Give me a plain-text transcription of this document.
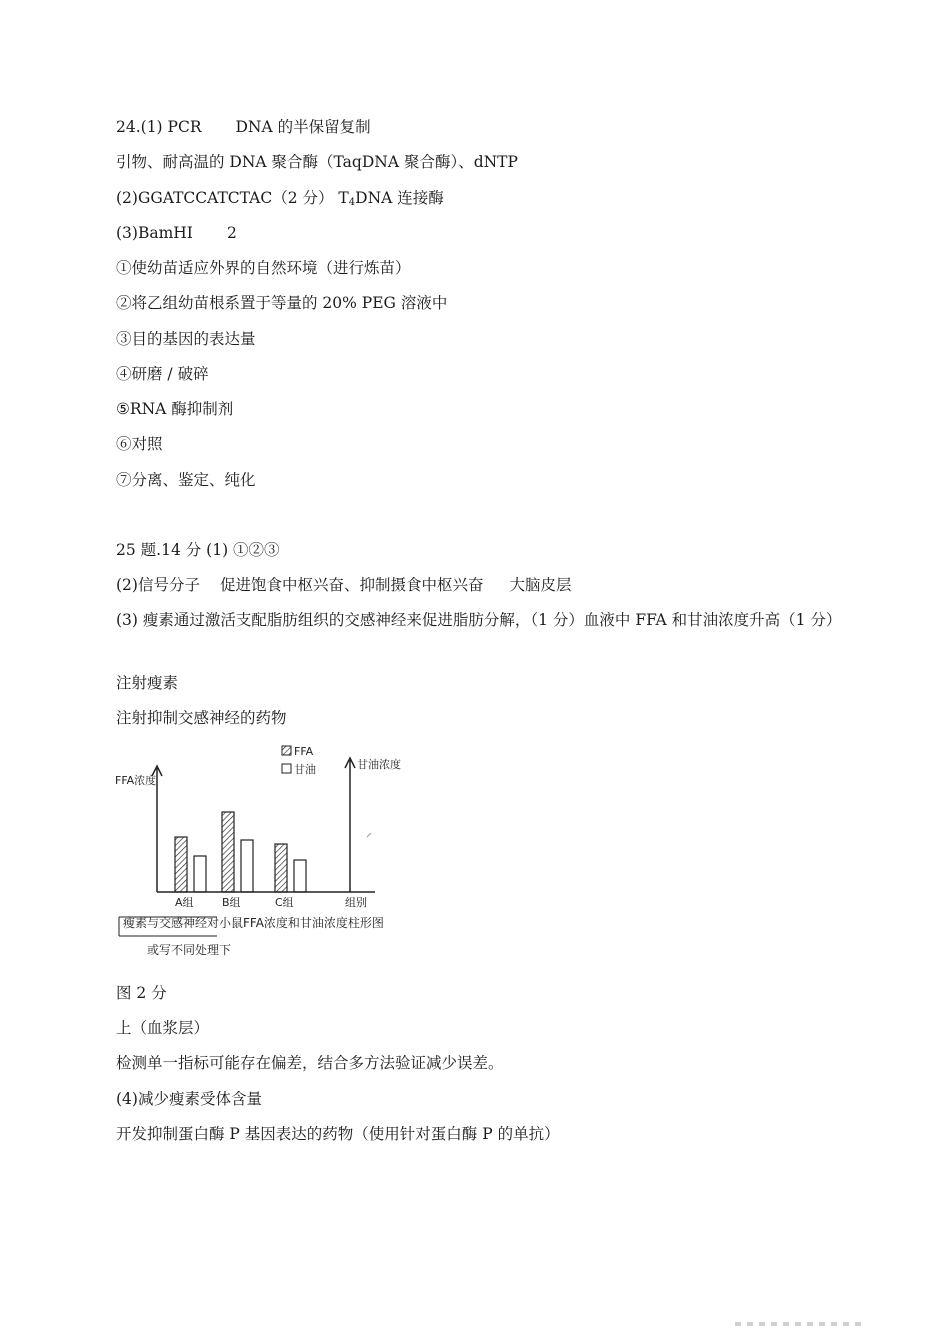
24.(1) PCR DNA 的半保留复制
引物、耐高温的 DNA 聚合酶（TaqDNA 聚合酶）、dNTP
(2)GGATCCATCTAC（2 分） $T_4DNA$ 连接酶
(3)BamHI 2
①使幼苗适应外界的自然环境（进行炼苗）
②将乙组幼苗根系置于等量的 20% PEG 溶液中
③目的基因的表达量
④研磨 / 破碎
⑤RNA 酶抑制剂
⑥对照
⑦分离、鉴定、纯化
25 题.14 分 (1) ①②③
(2)信号分子 促进饱食中枢兴奋、抑制摄食中枢兴奋 大脑皮层
(3) 瘦素通过激活支配脂肪组织的交感神经来促进脂肪分解，（1 分）血液中 FFA 和甘油浓度升高（1 分）
注射瘦素
注射抑制交感神经的药物
FFA浓度
甘油浓度
组别
FFA
甘油
A组	B组	C组
瘦素与交感神经对小鼠FFA浓度和甘油浓度柱形图
或写不同处理下
图 2 分
上（血浆层）
检测单一指标可能存在偏差，结合多方法验证减少误差。
(4)减少瘦素受体含量
开发抑制蛋白酶 P 基因表达的药物（使用针对蛋白酶 P 的单抗）
